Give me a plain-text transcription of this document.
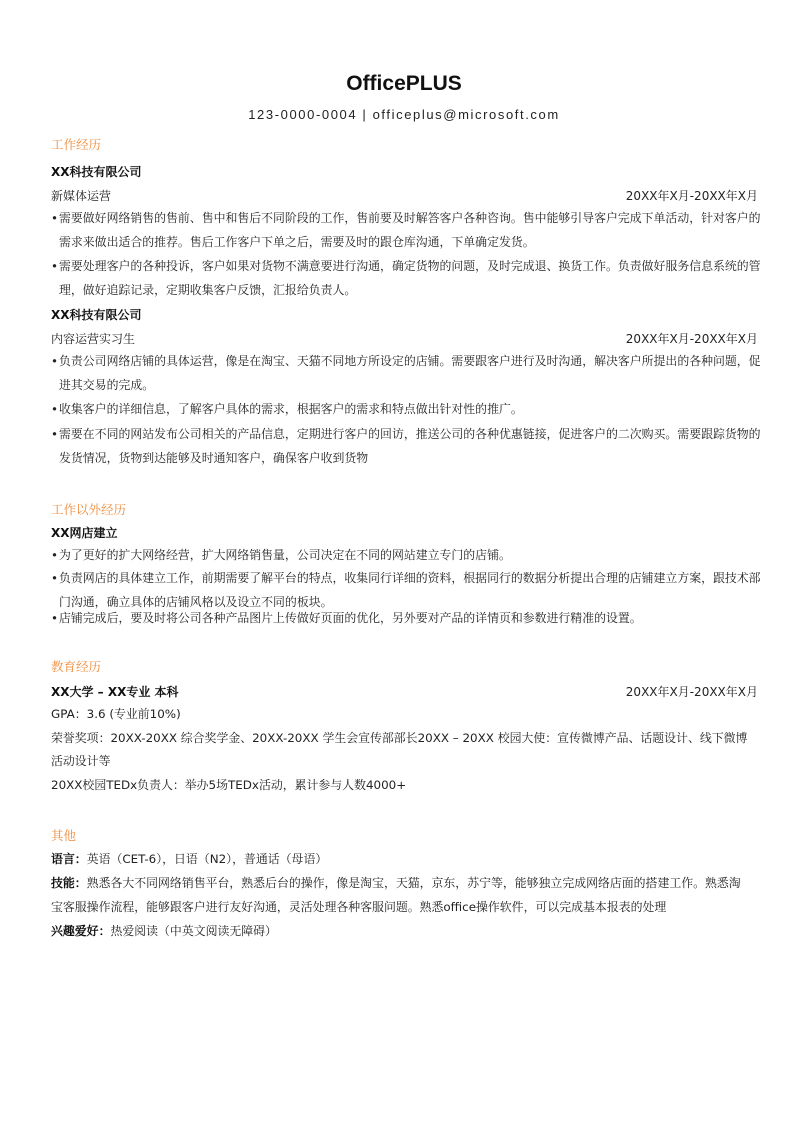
OfficePLUS
123-0000-0004 | officeplus@microsoft.com
工作经历
XX科技有限公司
新媒体运营	20XX年X月-20XX年X月
•需要做好网络销售的售前、售中和售后不同阶段的工作，售前要及时解答客户各种咨询。售中能够引导客户完成下单活动，针对客户的需求来做出适合的推荐。售后工作客户下单之后，需要及时的跟仓库沟通，下单确定发货。
•需要处理客户的各种投诉，客户如果对货物不满意要进行沟通，确定货物的问题，及时完成退、换货工作。负责做好服务信息系统的管理，做好追踪记录，定期收集客户反馈，汇报给负责人。
XX科技有限公司
内容运营实习生	20XX年X月-20XX年X月
•负责公司网络店铺的具体运营，像是在淘宝、天猫不同地方所设定的店铺。需要跟客户进行及时沟通，解决客户所提出的各种问题，促进其交易的完成。
•收集客户的详细信息，了解客户具体的需求，根据客户的需求和特点做出针对性的推广。
•需要在不同的网站发布公司相关的产品信息，定期进行客户的回访，推送公司的各种优惠链接，促进客户的二次购买。需要跟踪货物的发货情况，货物到达能够及时通知客户，确保客户收到货物
工作以外经历
XX网店建立
•为了更好的扩大网络经营，扩大网络销售量，公司决定在不同的网站建立专门的店铺。
•负责网店的具体建立工作，前期需要了解平台的特点，收集同行详细的资料，根据同行的数据分析提出合理的店铺建立方案，跟技术部门沟通，确立具体的店铺风格以及设立不同的板块。
•店铺完成后，要及时将公司各种产品图片上传做好页面的优化，另外要对产品的详情页和参数进行精准的设置。
教育经历
XX大学 – XX专业 本科	20XX年X月-20XX年X月
GPA：3.6 (专业前10%)
荣誉奖项：20XX-20XX 综合奖学金、20XX-20XX 学生会宣传部部长20XX – 20XX 校园大使：宣传微博产品、话题设计、线下微博
活动设计等
20XX校园TEDx负责人：举办5场TEDx活动，累计参与人数4000+
其他
语言：英语（CET-6），日语（N2），普通话（母语）
技能：熟悉各大不同网络销售平台，熟悉后台的操作，像是淘宝，天猫，京东，苏宁等，能够独立完成网络店面的搭建工作。熟悉淘
宝客服操作流程，能够跟客户进行友好沟通，灵活处理各种客服问题。熟悉office操作软件，可以完成基本报表的处理
兴趣爱好：热爱阅读（中英文阅读无障碍）
